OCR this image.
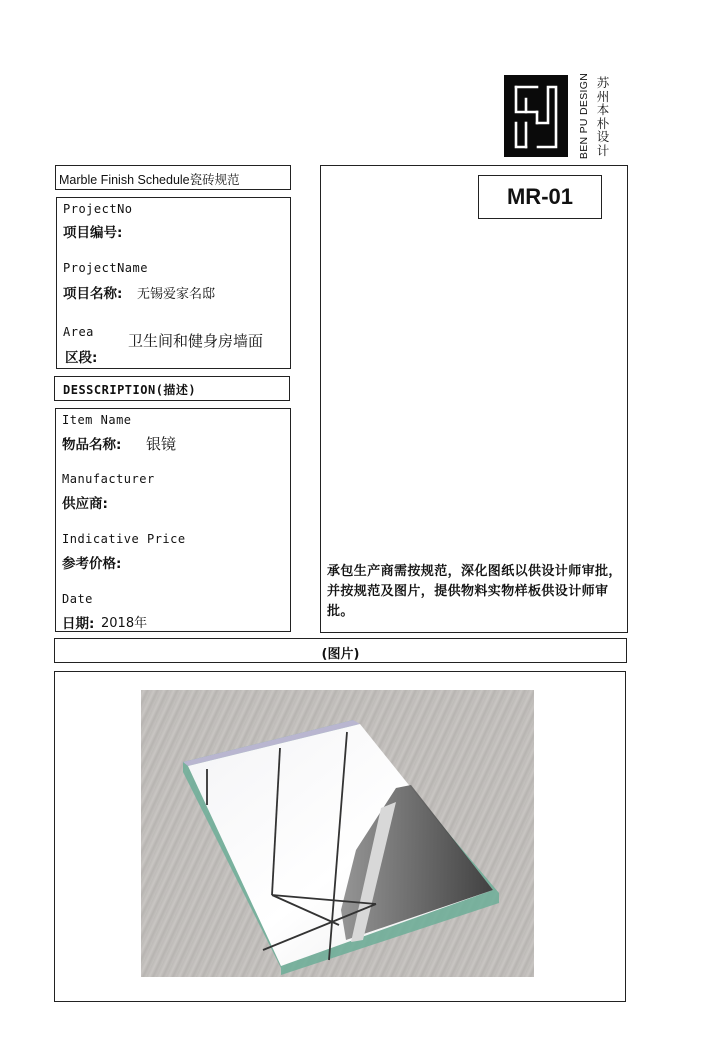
BEN PU DESIGN 苏
州
本
朴
设
计
Marble Finish Schedule瓷砖规范
ProjectNo
项目编号:
ProjectName
项目名称: 无锡爱家名邸
Area
区段:
卫生间和健身房墙面
DESSCRIPTION(描述)
Item Name
物品名称: 银镜
Manufacturer
供应商:
Indicative Price
参考价格:
Date
日期: 2018年
MR-01
承包生产商需按规范，深化图纸以供设计师审批，并按规范及图片，提供物料实物样板供设计师审批。
(图片)
